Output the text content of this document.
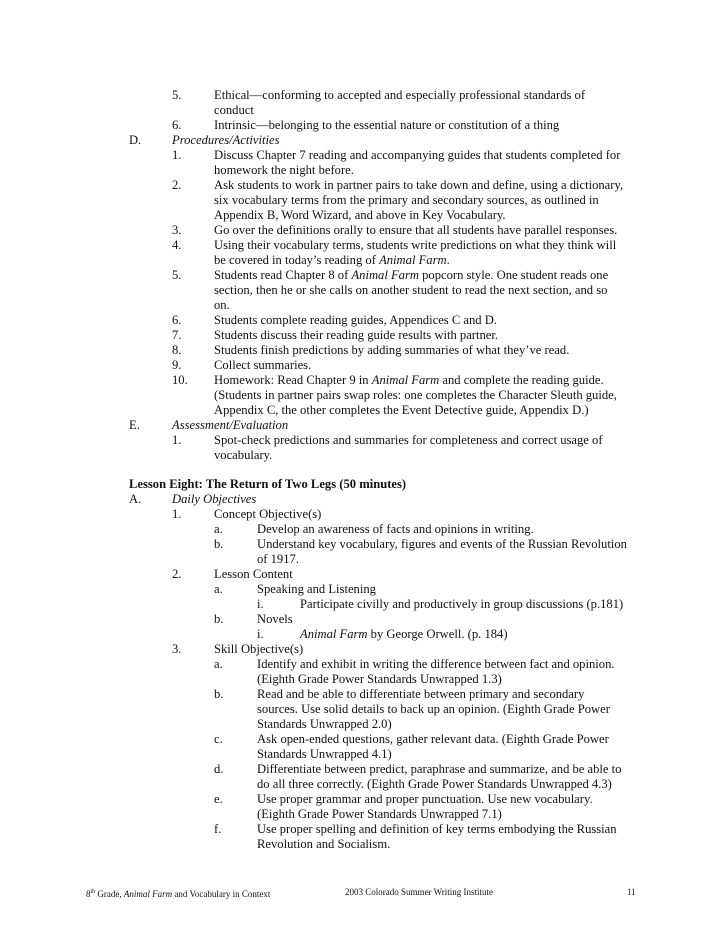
5.	Ethical—conforming to accepted and especially professional standards of
conduct
6.	Intrinsic—belonging to the essential nature or constitution of a thing
D. Procedures/Activities
1.	Discuss Chapter 7 reading and accompanying guides that students completed for
homework the night before.
2.	Ask students to work in partner pairs to take down and define, using a dictionary,
six vocabulary terms from the primary and secondary sources, as outlined in
Appendix B, Word Wizard, and above in Key Vocabulary.
3.	Go over the definitions orally to ensure that all students have parallel responses.
4.	Using their vocabulary terms, students write predictions on what they think will
be covered in today’s reading of Animal Farm.
5.	Students read Chapter 8 of Animal Farm popcorn style. One student reads one
section, then he or she calls on another student to read the next section, and so
on.
6.	Students complete reading guides, Appendices C and D.
7.	Students discuss their reading guide results with partner.
8.	Students finish predictions by adding summaries of what they’ve read.
9.	Collect summaries.
10. Homework: Read Chapter 9 in Animal Farm and complete the reading guide.
(Students in partner pairs swap roles: one completes the Character Sleuth guide,
Appendix C, the other completes the Event Detective guide, Appendix D.)
E.	Assessment/Evaluation
1.	Spot-check predictions and summaries for completeness and correct usage of
vocabulary.
Lesson Eight: The Return of Two Legs (50 minutes)
A. Daily Objectives
1.	Concept Objective(s)
a.	Develop an awareness of facts and opinions in writing.
b.	Understand key vocabulary, figures and events of the Russian Revolution
of 1917.
2.	Lesson Content
a.	Speaking and Listening
i.	Participate civilly and productively in group discussions (p.181)
b.	Novels
i.	Animal Farm by George Orwell. (p. 184)
3.	Skill Objective(s)
a.	Identify and exhibit in writing the difference between fact and opinion.
(Eighth Grade Power Standards Unwrapped 1.3)
b.	Read and be able to differentiate between primary and secondary
sources. Use solid details to back up an opinion. (Eighth Grade Power
Standards Unwrapped 2.0)
c.	Ask open-ended questions, gather relevant data. (Eighth Grade Power
Standards Unwrapped 4.1)
d.	Differentiate between predict, paraphrase and summarize, and be able to
do all three correctly. (Eighth Grade Power Standards Unwrapped 4.3)
e.	Use proper grammar and proper punctuation. Use new vocabulary.
(Eighth Grade Power Standards Unwrapped 7.1)
f.	Use proper spelling and definition of key terms embodying the Russian
Revolution and Socialism.
8th Grade, Animal Farm and Vocabulary in Context	2003 Colorado Summer Writing Institute	11
